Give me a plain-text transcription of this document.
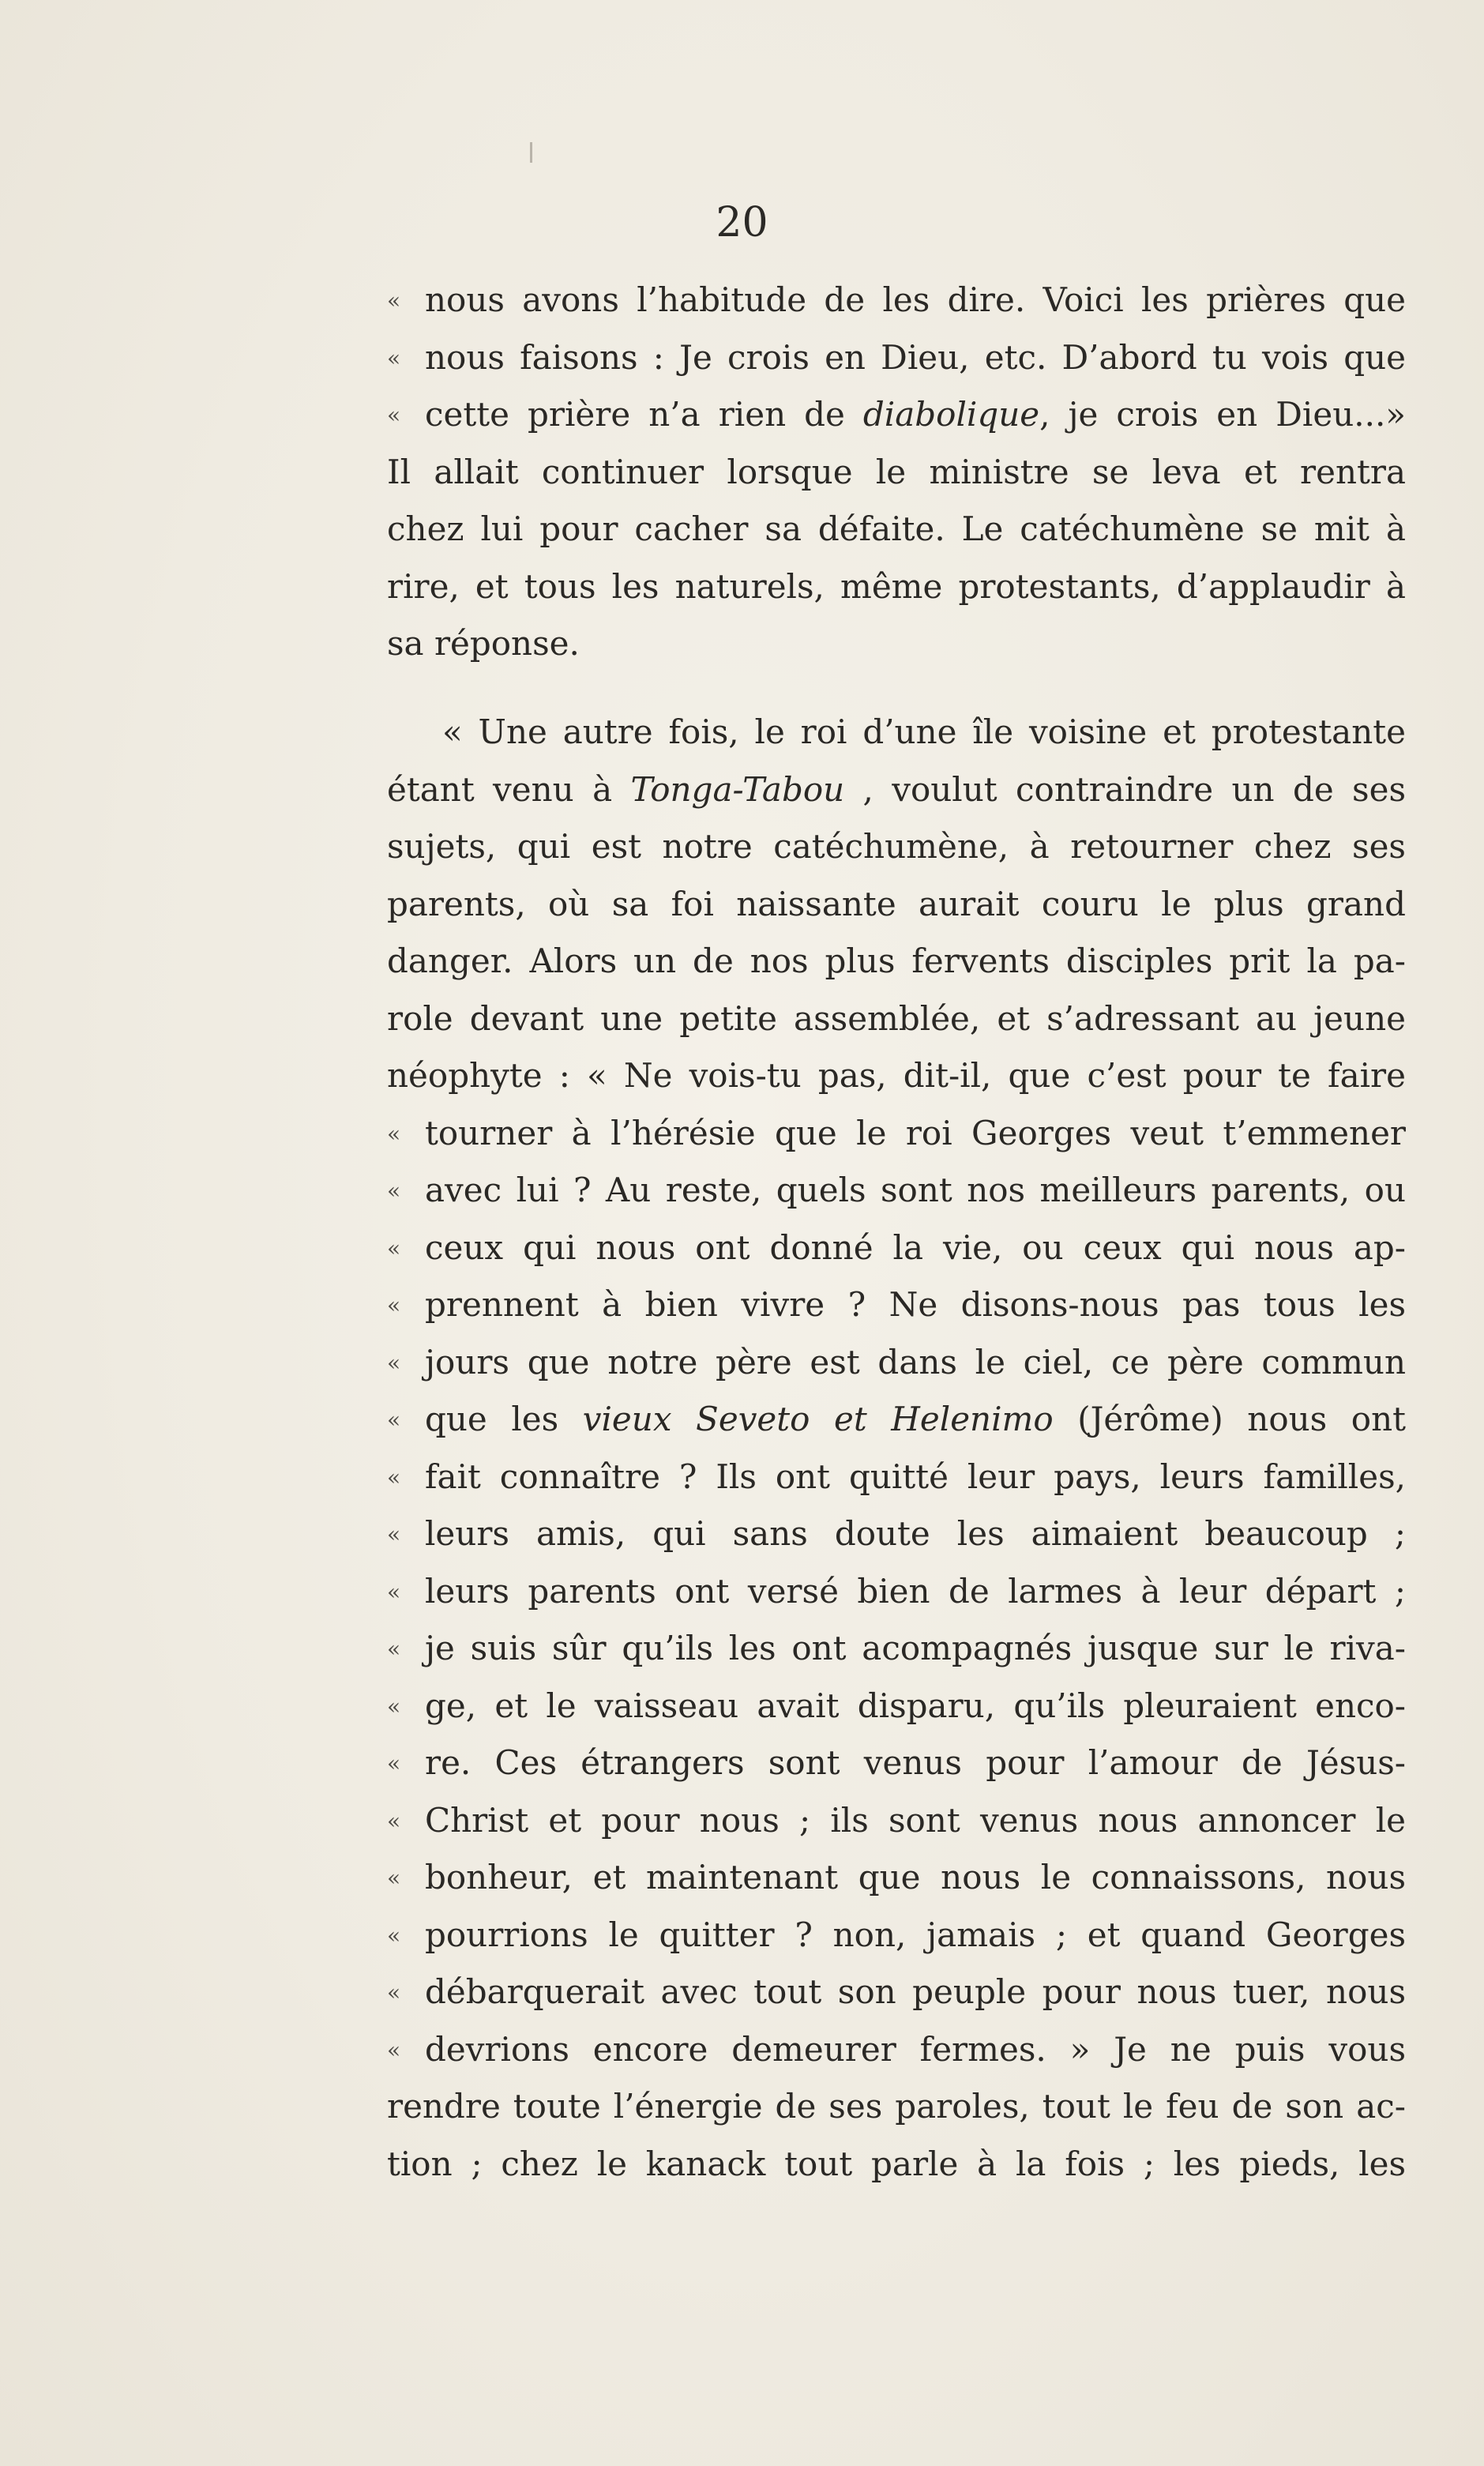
20
« nous avons l’habitude de les dire. Voici les prières que
« nous faisons : Je crois en Dieu, etc. D’abord tu vois que
« cette prière n’a rien de diabolique, je crois en Dieu...»
Il allait continuer lorsque le ministre se leva et rentra
chez lui pour cacher sa défaite. Le catéchumène se mit à
rire, et tous les naturels, même protestants, d’applaudir à
sa réponse.
« Une autre fois, le roi d’une île voisine et protestante
étant venu à Tonga-Tabou , voulut contraindre un de ses
sujets, qui est notre catéchumène, à retourner chez ses
parents, où sa foi naissante aurait couru le plus grand
danger. Alors un de nos plus fervents disciples prit la pa-
role devant une petite assemblée, et s’adressant au jeune
néophyte : « Ne vois-tu pas, dit-il, que c’est pour te faire
« tourner à l’hérésie que le roi Georges veut t’emmener
« avec lui ? Au reste, quels sont nos meilleurs parents, ou
« ceux qui nous ont donné la vie, ou ceux qui nous ap-
« prennent à bien vivre ? Ne disons-nous pas tous les
« jours que notre père est dans le ciel, ce père commun
« que les vieux Seveto et Helenimo (Jérôme) nous ont
« fait connaître ? Ils ont quitté leur pays, leurs familles,
« leurs amis, qui sans doute les aimaient beaucoup ;
« leurs parents ont versé bien de larmes à leur départ ;
« je suis sûr qu’ils les ont acompagnés jusque sur le riva-
« ge, et le vaisseau avait disparu, qu’ils pleuraient enco-
« re. Ces étrangers sont venus pour l’amour de Jésus-
« Christ et pour nous ; ils sont venus nous annoncer le
« bonheur, et maintenant que nous le connaissons, nous
« pourrions le quitter ? non, jamais ; et quand Georges
« débarquerait avec tout son peuple pour nous tuer, nous
« devrions encore demeurer fermes. » Je ne puis vous
rendre toute l’énergie de ses paroles, tout le feu de son ac-
tion ; chez le kanack tout parle à la fois ; les pieds, les
